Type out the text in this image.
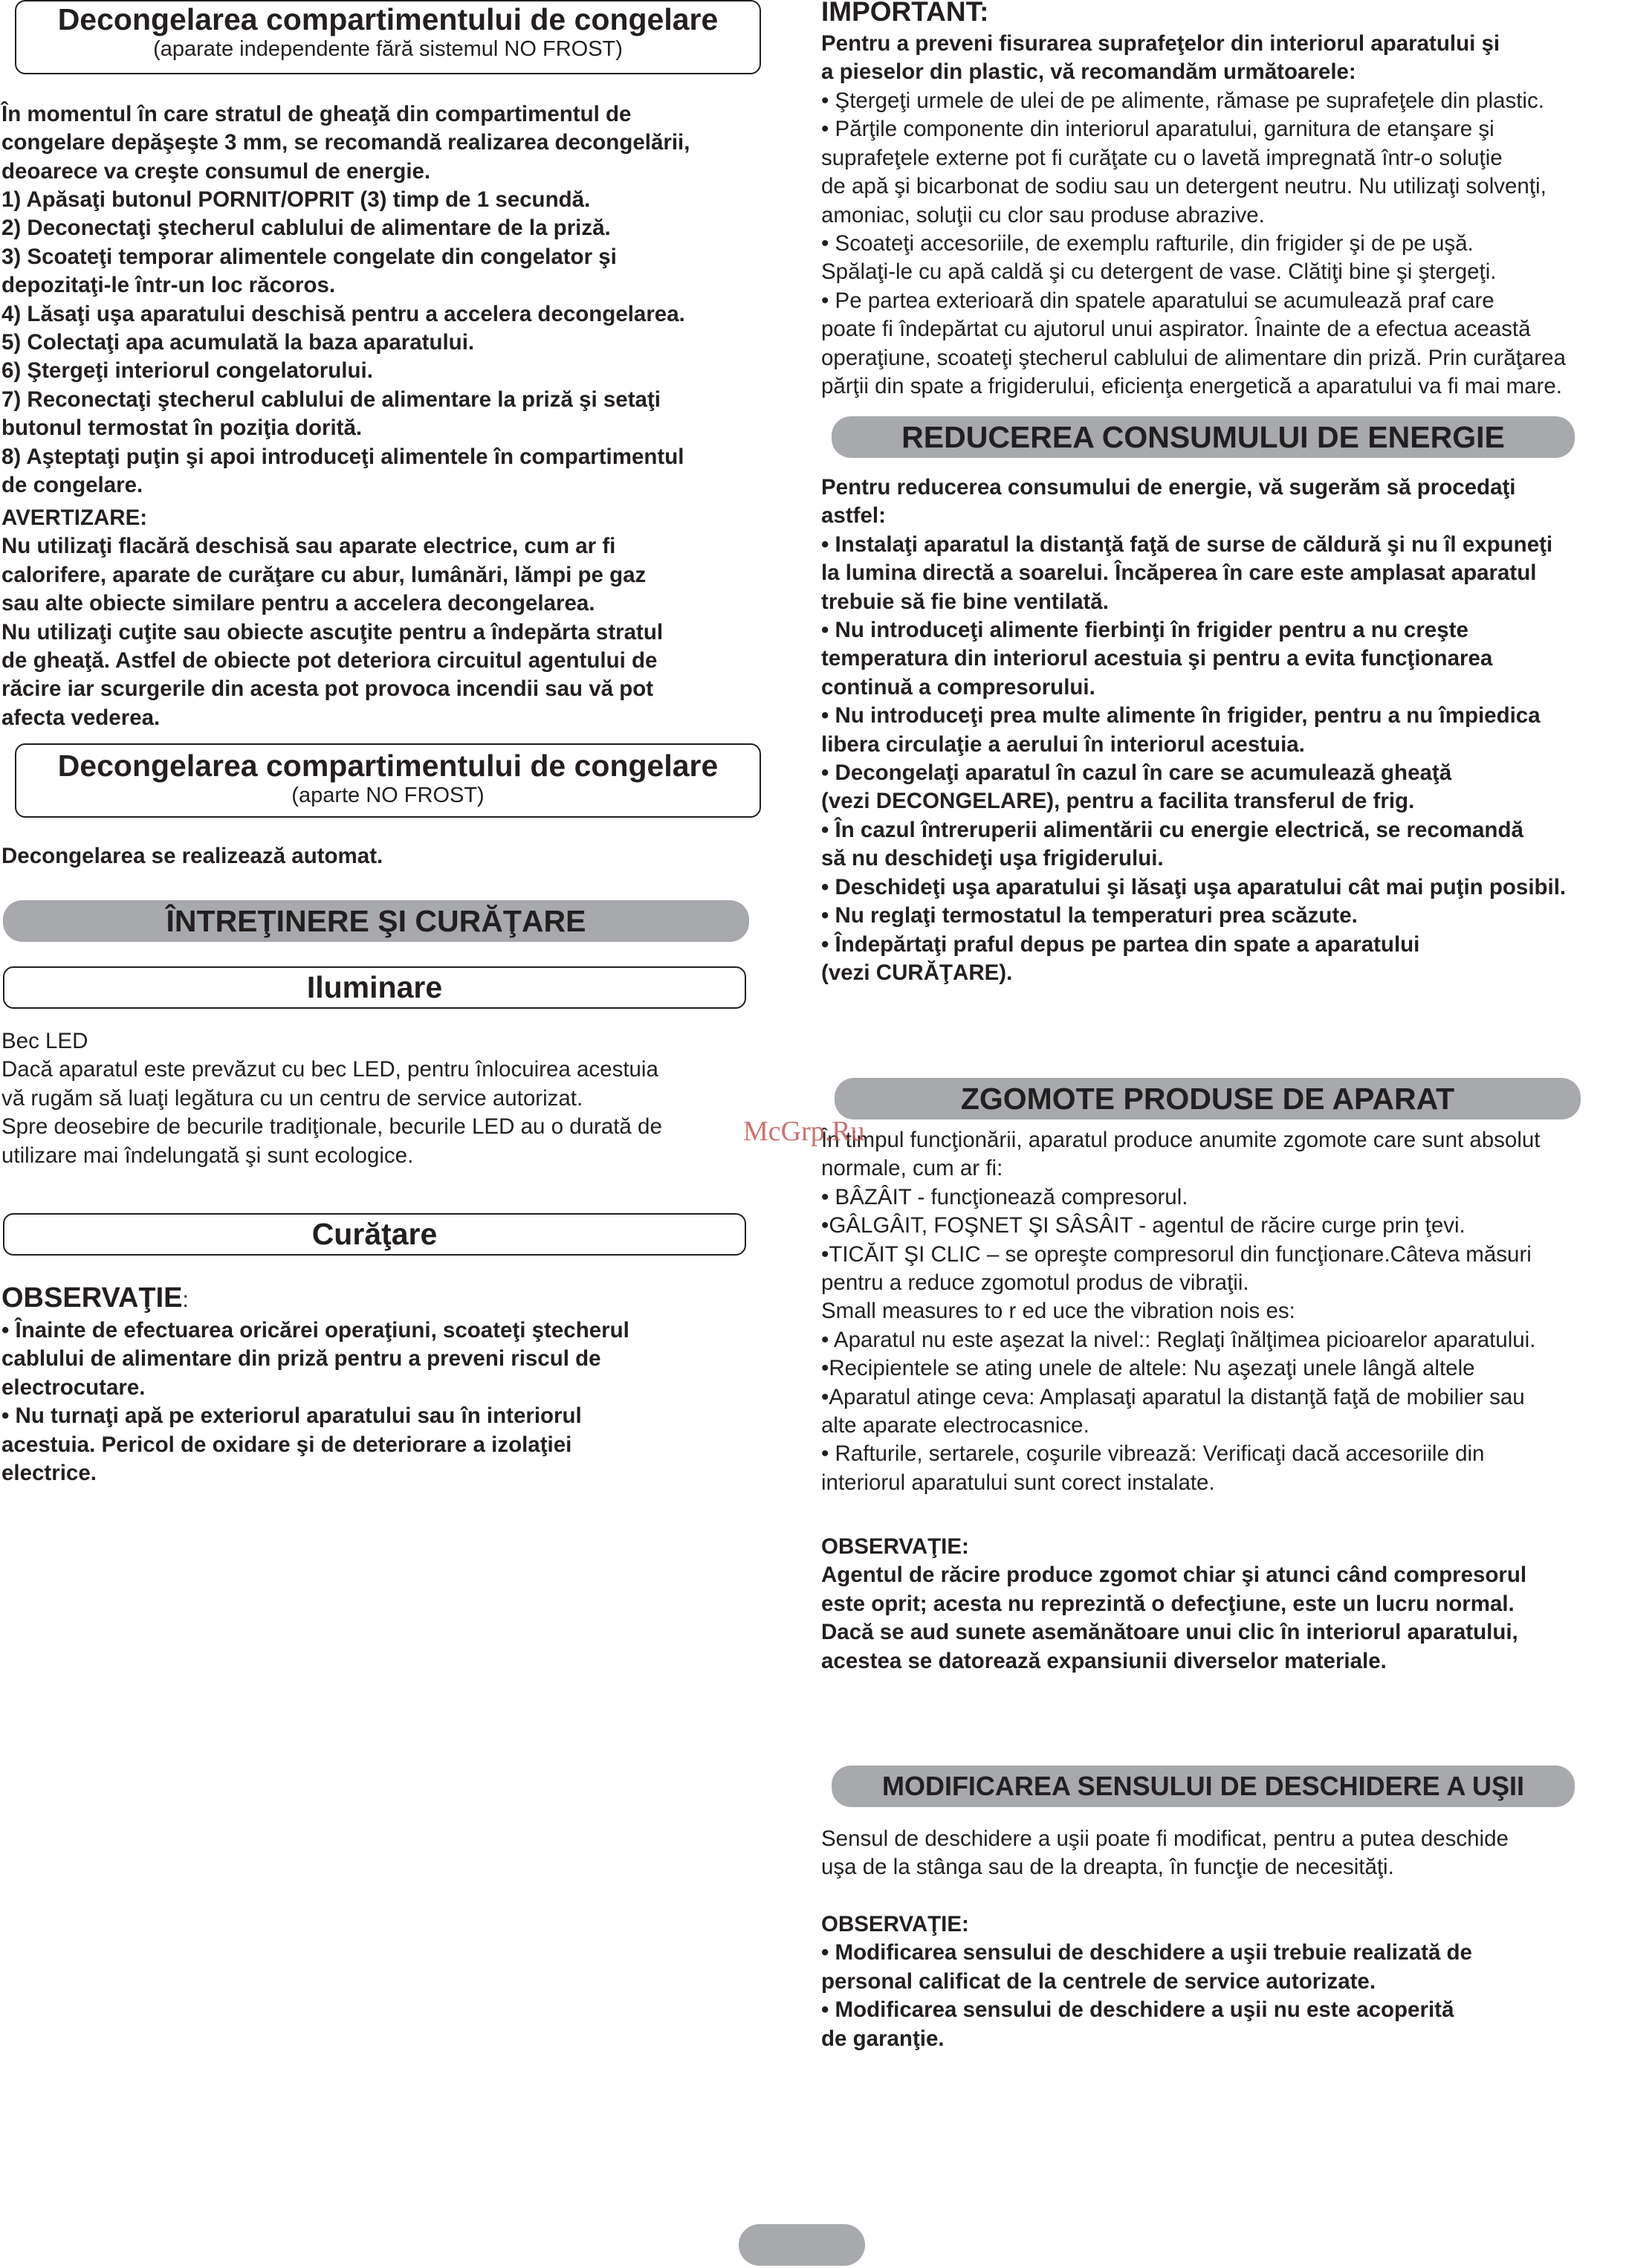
Decongelarea compartimentului de congelare
(aparate independente fără sistemul NO FROST)
În momentul în care stratul de gheaţă din compartimentul de
congelare depăşeşte 3 mm, se recomandă realizarea decongelării,
deoarece va creşte consumul de energie.
1) Apăsaţi butonul PORNIT/OPRIT (3) timp de 1 secundă.
2) Deconectaţi ştecherul cablului de alimentare de la priză.
3) Scoateţi temporar alimentele congelate din congelator şi
depozitaţi-le într-un loc răcoros.
4) Lăsaţi uşa aparatului deschisă pentru a accelera decongelarea.
5) Colectaţi apa acumulată la baza aparatului.
6) Ştergeţi interiorul congelatorului.
7) Reconectaţi ştecherul cablului de alimentare la priză şi setaţi
butonul termostat în poziţia dorită.
8) Aşteptaţi puţin şi apoi introduceţi alimentele în compartimentul
de congelare.
AVERTIZARE:
Nu utilizaţi flacără deschisă sau aparate electrice, cum ar fi
calorifere, aparate de curăţare cu abur, lumânări, lămpi pe gaz
sau alte obiecte similare pentru a accelera decongelarea.
Nu utilizaţi cuţite sau obiecte ascuţite pentru a îndepărta stratul
de gheaţă. Astfel de obiecte pot deteriora circuitul agentului de
răcire iar scurgerile din acesta pot provoca incendii sau vă pot
afecta vederea.
Decongelarea compartimentului de congelare
(aparte NO FROST)
Decongelarea se realizează automat.
ÎNTREŢINERE ŞI CURĂŢARE
Iluminare
Bec LED
Dacă aparatul este prevăzut cu bec LED, pentru înlocuirea acestuia
vă rugăm să luaţi legătura cu un centru de service autorizat.
Spre deosebire de becurile tradiţionale, becurile LED au o durată de
utilizare mai îndelungată şi sunt ecologice.
Curăţare
OBSERVAŢIE:
• Înainte de efectuarea oricărei operaţiuni, scoateţi ştecherul
cablului de alimentare din priză pentru a preveni riscul de
electrocutare.
• Nu turnaţi apă pe exteriorul aparatului sau în interiorul
acestuia. Pericol de oxidare şi de deteriorare a izolaţiei
electrice.
IMPORTANT:
Pentru a preveni fisurarea suprafeţelor din interiorul aparatului şi
a pieselor din plastic, vă recomandăm următoarele:
• Ştergeţi urmele de ulei de pe alimente, rămase pe suprafeţele din plastic.
• Părţile componente din interiorul aparatului, garnitura de etanşare şi
suprafeţele externe pot fi curăţate cu o lavetă impregnată într-o soluţie
de apă şi bicarbonat de sodiu sau un detergent neutru. Nu utilizaţi solvenţi,
amoniac, soluţii cu clor sau produse abrazive.
• Scoateţi accesoriile, de exemplu rafturile, din frigider şi de pe uşă.
Spălaţi-le cu apă caldă şi cu detergent de vase. Clătiţi bine şi ştergeţi.
• Pe partea exterioară din spatele aparatului se acumulează praf care
poate fi îndepărtat cu ajutorul unui aspirator. Înainte de a efectua această
operaţiune, scoateţi ştecherul cablului de alimentare din priză. Prin curăţarea
părţii din spate a frigiderului, eficienţa energetică a aparatului va fi mai mare.
REDUCEREA CONSUMULUI DE ENERGIE
Pentru reducerea consumului de energie, vă sugerăm să procedaţi
astfel:
• Instalaţi aparatul la distanţă faţă de surse de căldură şi nu îl expuneţi
la lumina directă a soarelui. Încăperea în care este amplasat aparatul
trebuie să fie bine ventilată.
• Nu introduceţi alimente fierbinţi în frigider pentru a nu creşte
temperatura din interiorul acestuia şi pentru a evita funcţionarea
continuă a compresorului.
• Nu introduceţi prea multe alimente în frigider, pentru a nu împiedica
libera circulaţie a aerului în interiorul acestuia.
• Decongelaţi aparatul în cazul în care se acumulează gheaţă
(vezi DECONGELARE), pentru a facilita transferul de frig.
• În cazul întreruperii alimentării cu energie electrică, se recomandă
să nu deschideţi uşa frigiderului.
• Deschideţi uşa aparatului şi lăsaţi uşa aparatului cât mai puţin posibil.
• Nu reglaţi termostatul la temperaturi prea scăzute.
• Îndepărtaţi praful depus pe partea din spate a aparatului
(vezi CURĂŢARE).
ZGOMOTE PRODUSE DE APARAT
În timpul funcţionării, aparatul produce anumite zgomote care sunt absolut
normale, cum ar fi:
• BÂZÂIT - funcţionează compresorul.
•GÂLGÂIT, FOŞNET ŞI SÂSÂIT - agentul de răcire curge prin ţevi.
•TICĂIT ŞI CLIC – se opreşte compresorul din funcţionare.Câteva măsuri
pentru a reduce zgomotul produs de vibraţii.
Small measures to r ed uce the vibration nois es:
• Aparatul nu este aşezat la nivel:: Reglaţi înălţimea picioarelor aparatului.
•Recipientele se ating unele de altele: Nu aşezaţi unele lângă altele
•Aparatul atinge ceva: Amplasaţi aparatul la distanţă faţă de mobilier sau
alte aparate electrocasnice.
• Rafturile, sertarele, coşurile vibrează: Verificaţi dacă accesoriile din
interiorul aparatului sunt corect instalate.
OBSERVAŢIE:
Agentul de răcire produce zgomot chiar şi atunci când compresorul
este oprit; acesta nu reprezintă o defecţiune, este un lucru normal.
Dacă se aud sunete asemănătoare unui clic în interiorul aparatului,
acestea se datorează expansiunii diverselor materiale.
MODIFICAREA SENSULUI DE DESCHIDERE A UŞII
Sensul de deschidere a uşii poate fi modificat, pentru a putea deschide
uşa de la stânga sau de la dreapta, în funcţie de necesităţi.
OBSERVAŢIE:
• Modificarea sensului de deschidere a uşii trebuie realizată de
personal calificat de la centrele de service autorizate.
• Modificarea sensului de deschidere a uşii nu este acoperită
de garanţie.
McGrp.Ru
